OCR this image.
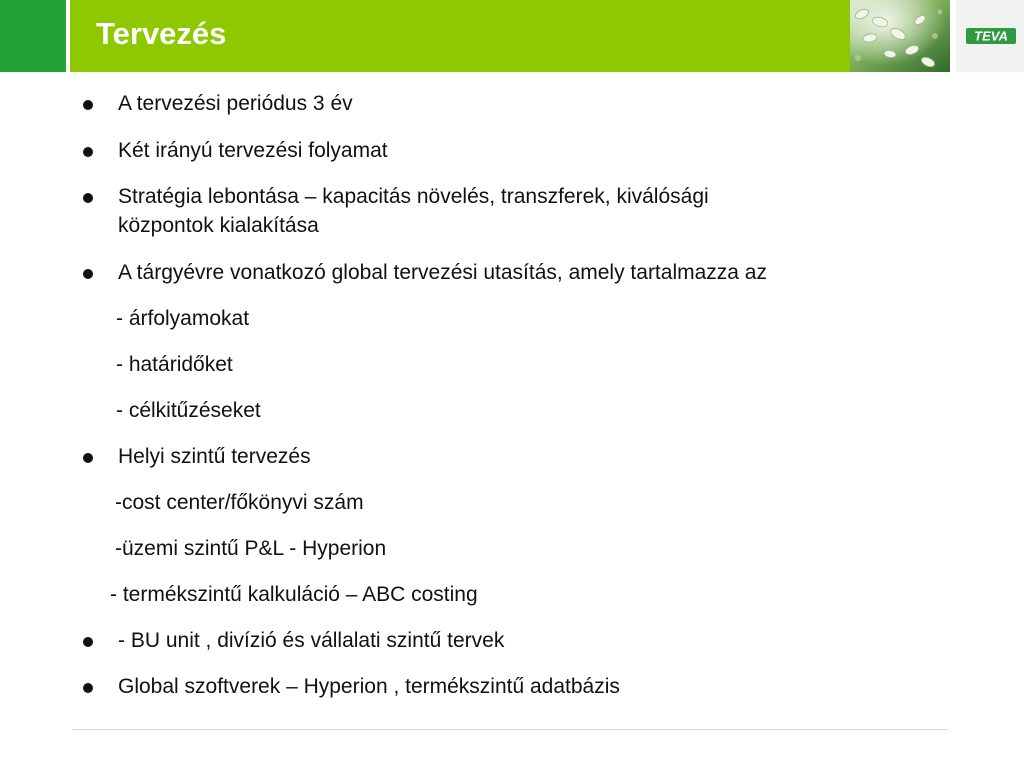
Tervezés	TEVA
A tervezési periódus 3 év
Két irányú tervezési folyamat
Stratégia lebontása – kapacitás növelés, transzferek, kiválósági
központok kialakítása
A tárgyévre vonatkozó global tervezési utasítás, amely tartalmazza az
- árfolyamokat
- határidőket
- célkitűzéseket
Helyi szintű tervezés
-cost center/főkönyvi szám
-üzemi szintű P&L - Hyperion
- termékszintű kalkuláció – ABC costing
- BU unit , divízió és vállalati szintű tervek
Global szoftverek – Hyperion , termékszintű adatbázis
